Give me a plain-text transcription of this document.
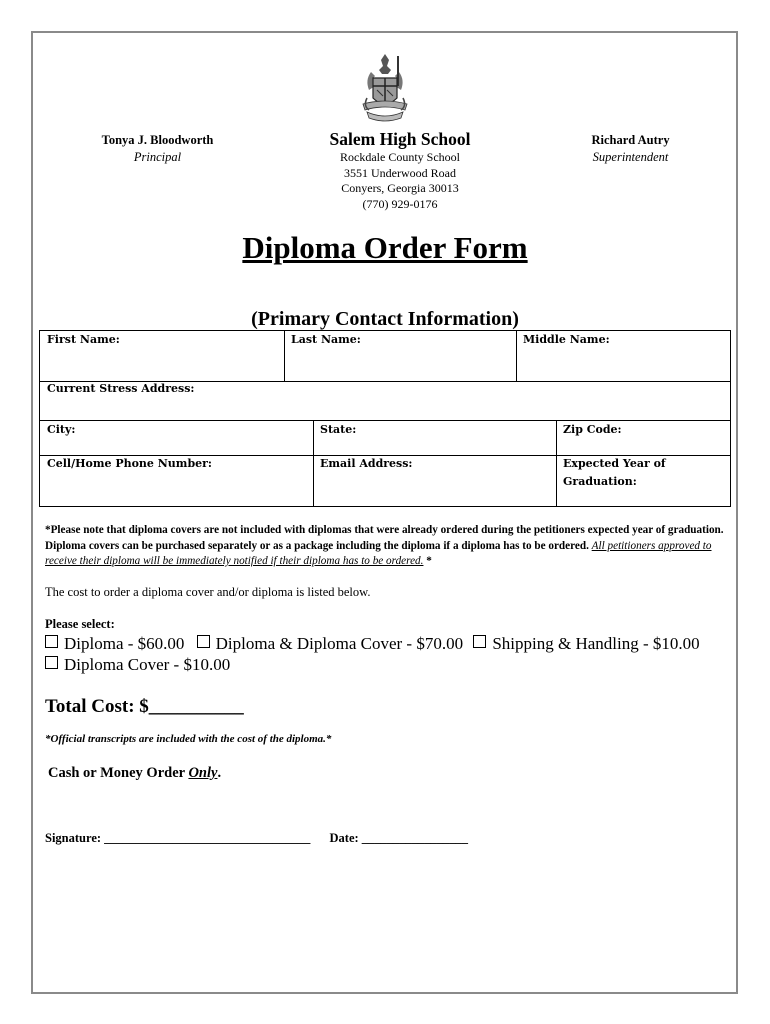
Tonya J. Bloodworth
Principal
Salem High School
Rockdale County School
3551 Underwood Road
Conyers, Georgia 30013
(770) 929-0176
Richard Autry
Superintendent
Diploma Order Form
(Primary Contact Information)
First Name:	Last Name:	Middle Name:
Current Stress Address:
City:	State:	Zip Code:
Cell/Home Phone Number:	Email Address:	Expected Year of
Graduation:
*Please note that diploma covers are not included with diplomas that were already ordered during the petitioners expected year of graduation. Diploma covers can be purchased separately or as a package including the diploma if a diploma has to be ordered. All petitioners approved to receive their diploma will be immediately notified if their diploma has to be ordered. *
The cost to order a diploma cover and/or diploma is listed below.
Please select:
Diploma - $60.00 Diploma & Diploma Cover - $70.00 Shipping & Handling - $10.00
Diploma Cover - $10.00
Total Cost: $__________
*Official transcripts are included with the cost of the diploma.*
Cash or Money Order Only.
Signature: _________________________________ Date: _________________
